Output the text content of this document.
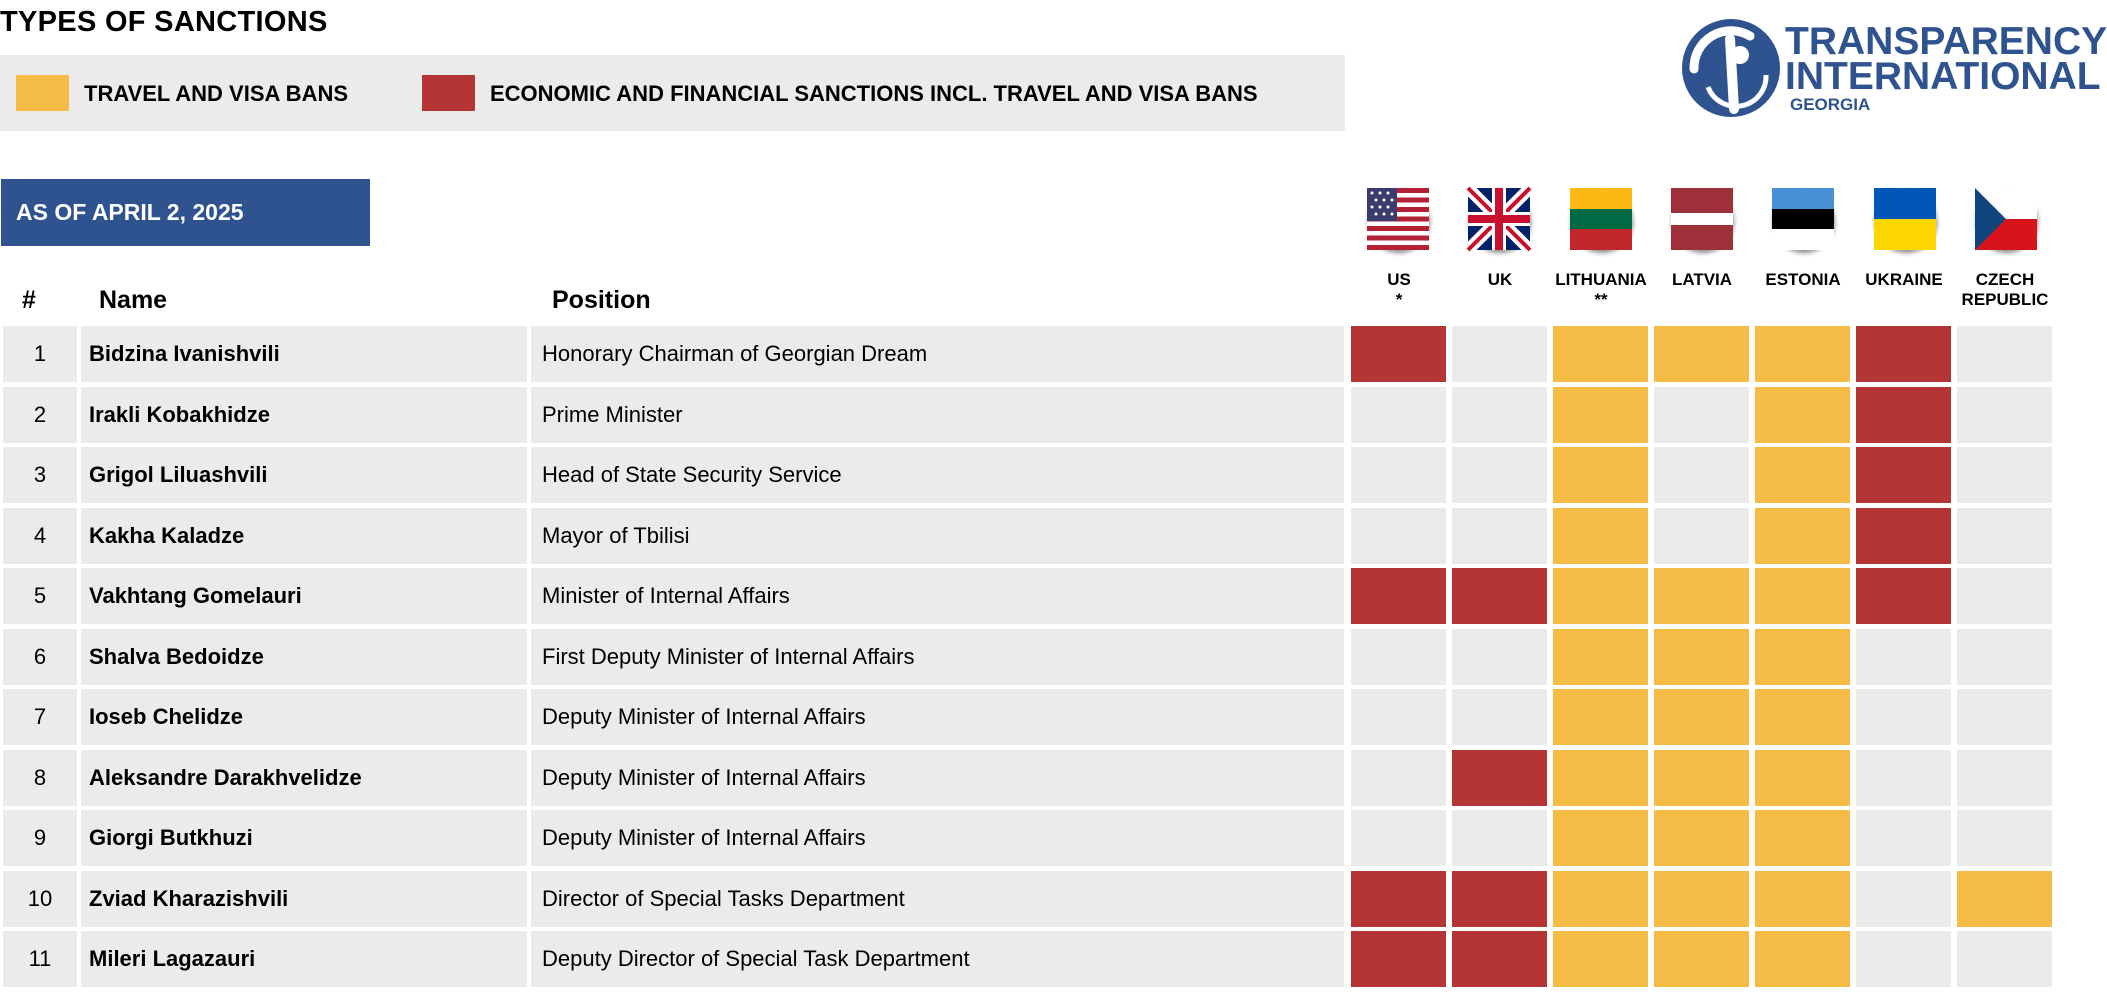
TYPES OF SANCTIONS
TRAVEL AND VISA BANS	ECONOMIC AND FINANCIAL SANCTIONS INCL. TRAVEL AND VISA BANS
TRANSPARENCY
INTERNATIONAL
GEORGIA
AS OF APRIL 2, 2025
#	Name	Position
US
*
UK	LITHUANIA
**
LATVIA	ESTONIA	UKRAINE	CZECH
REPUBLIC
1	Bidzina Ivanishvili	Honorary Chairman of Georgian Dream
2	Irakli Kobakhidze	Prime Minister
3	Grigol Liluashvili	Head of State Security Service
4	Kakha Kaladze	Mayor of Tbilisi
5	Vakhtang Gomelauri	Minister of Internal Affairs
6	Shalva Bedoidze	First Deputy Minister of Internal Affairs
7	Ioseb Chelidze	Deputy Minister of Internal Affairs
8	Aleksandre Darakhvelidze	Deputy Minister of Internal Affairs
9	Giorgi Butkhuzi	Deputy Minister of Internal Affairs
10	Zviad Kharazishvili	Director of Special Tasks Department
11	Mileri Lagazauri	Deputy Director of Special Task Department
